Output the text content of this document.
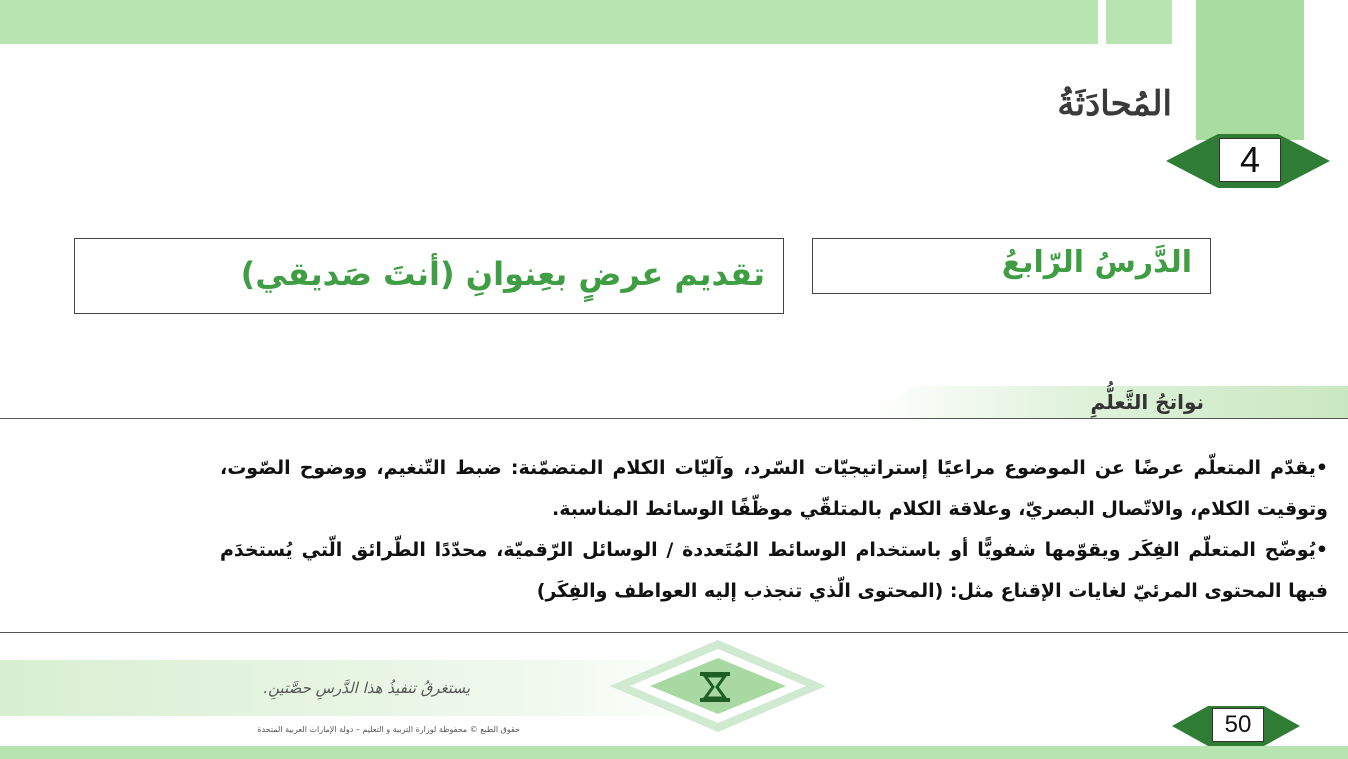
المُحادَثَةُ
4
الدَّرسُ الرّابعُ
تقديم عرضٍ بعِنوانِ (أنتَ صَديقي)
نواتجُ التَّعلُّمِ
•يقدّم المتعلّم عرضًا عن الموضوع مراعيًا إستراتيجيّات السّرد، وآليّات الكلام المتضمّنة: ضبط التّنغيم، ووضوح الصّوت، وتوقيت الكلام، والاتّصال البصريّ، وعلاقة الكلام بالمتلقّي موظّفًا الوسائط المناسبة.
•يُوضّح المتعلّم الفِكَر ويقوّمها شفويًّا أو باستخدام الوسائط المُتَعددة / الوسائل الرّقميّة، محدّدًا الطّرائق الّتي يُستخدَم فيها المحتوى المرئيّ لغايات الإقناع مثل: (المحتوى الّذي تنجذب إليه العواطف والفِكَر)
يستغرقُ تنفيذُ هذا الدَّرسِ حصَّتينِ.
حقوق الطبع © محفوظة لوزارة التربية و التعليم – دولة الإمارات العربية المتحدة	50
